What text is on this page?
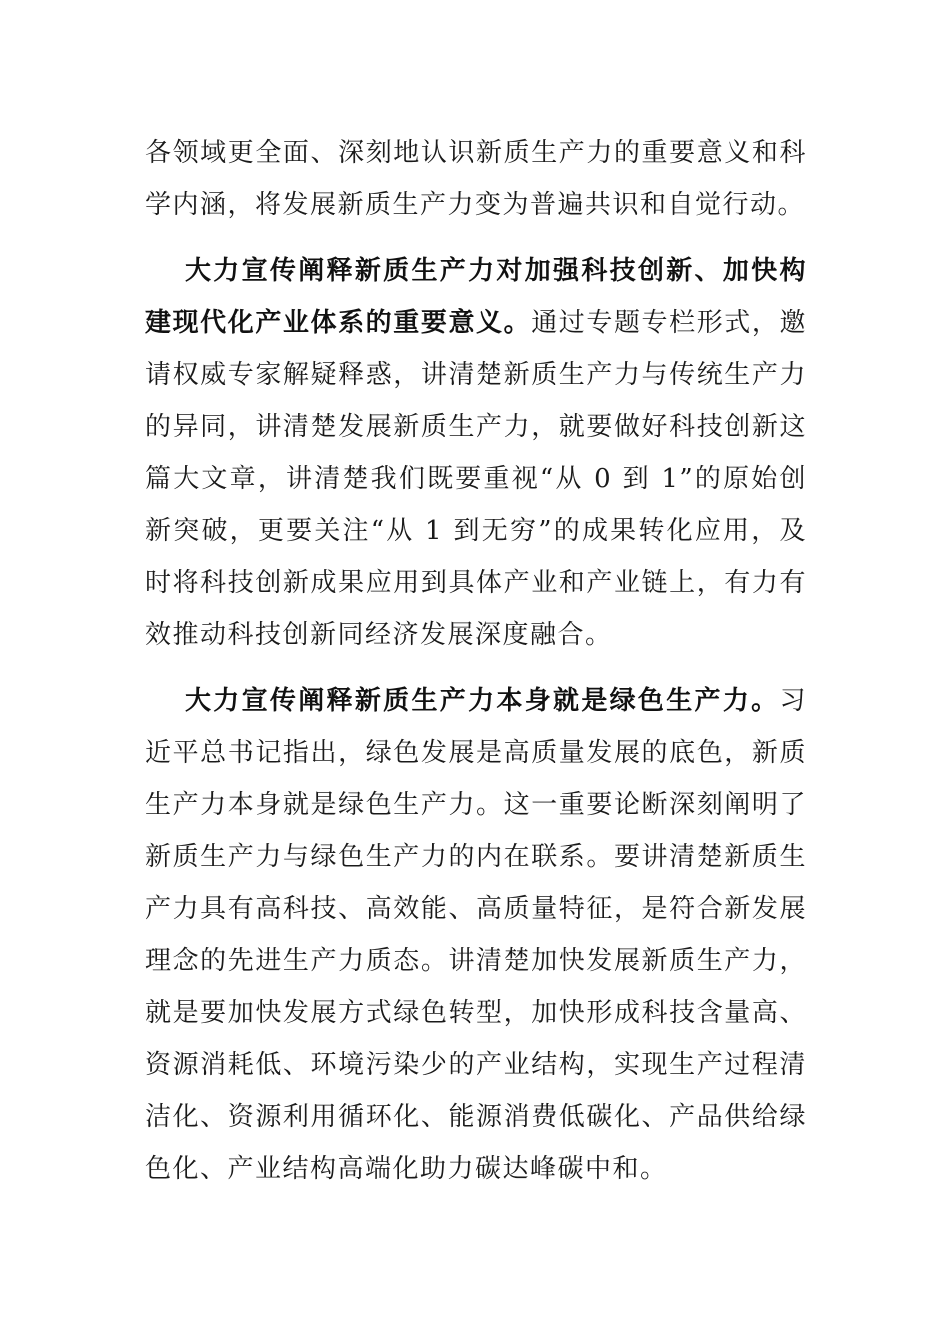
各领域更全面、深刻地认识新质生产力的重要意义和科学内涵，将发展新质生产力变为普遍共识和自觉行动。

大力宣传阐释新质生产力对加强科技创新、加快构建现代化产业体系的重要意义。通过专题专栏形式，邀请权威专家解疑释惑，讲清楚新质生产力与传统生产力的异同，讲清楚发展新质生产力，就要做好科技创新这篇大文章，讲清楚我们既要重视“从 0 到 1”的原始创新突破，更要关注“从 1 到无穷”的成果转化应用，及时将科技创新成果应用到具体产业和产业链上，有力有效推动科技创新同经济发展深度融合。

大力宣传阐释新质生产力本身就是绿色生产力。习近平总书记指出，绿色发展是高质量发展的底色，新质生产力本身就是绿色生产力。这一重要论断深刻阐明了新质生产力与绿色生产力的内在联系。要讲清楚新质生产力具有高科技、高效能、高质量特征，是符合新发展理念的先进生产力质态。讲清楚加快发展新质生产力，就是要加快发展方式绿色转型，加快形成科技含量高、资源消耗低、环境污染少的产业结构，实现生产过程清洁化、资源利用循环化、能源消费低碳化、产品供给绿色化、产业结构高端化助力碳达峰碳中和。
